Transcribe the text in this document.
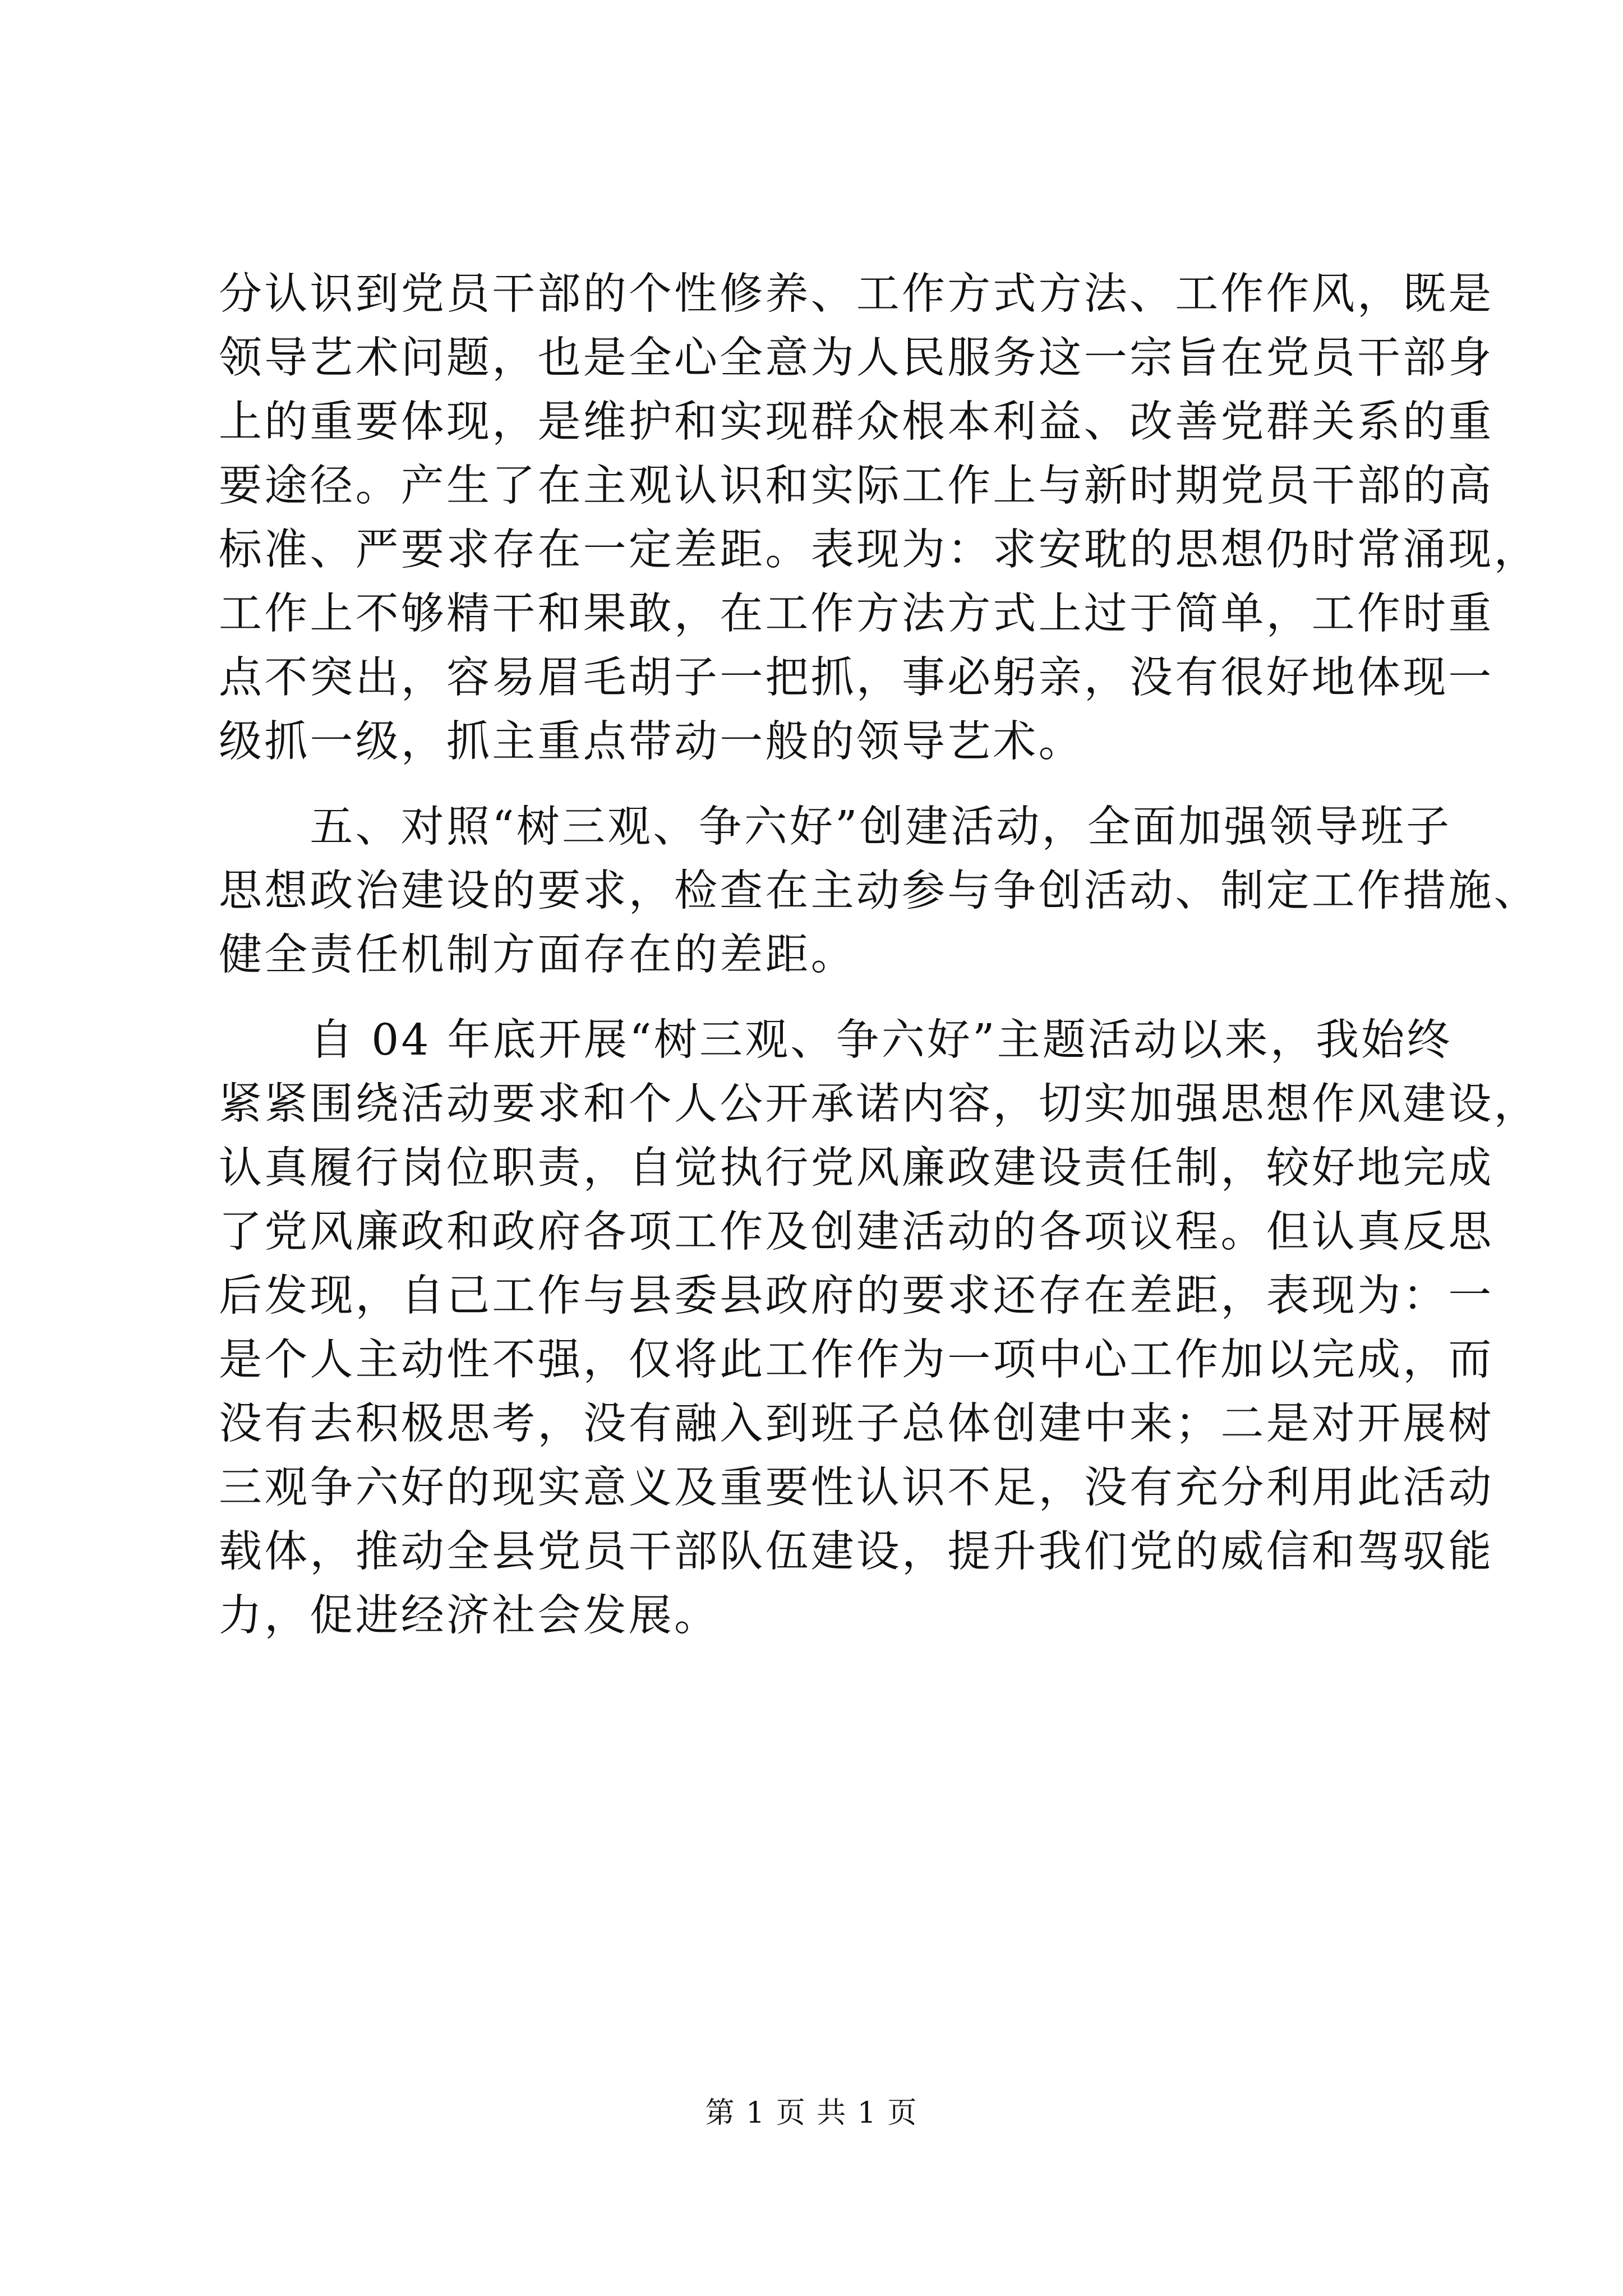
分认识到党员干部的个性修养、工作方式方法、工作作风，既是
领导艺术问题，也是全心全意为人民服务这一宗旨在党员干部身
上的重要体现，是维护和实现群众根本利益、改善党群关系的重
要途径。产生了在主观认识和实际工作上与新时期党员干部的高
标准、严要求存在一定差距。表现为：求安耽的思想仍时常涌现，
工作上不够精干和果敢，在工作方法方式上过于简单，工作时重
点不突出，容易眉毛胡子一把抓，事必躬亲，没有很好地体现一
级抓一级，抓主重点带动一般的领导艺术。
　　五、对照“树三观、争六好”创建活动，全面加强领导班子
思想政治建设的要求，检查在主动参与争创活动、制定工作措施、
健全责任机制方面存在的差距。
　　自 04 年底开展“树三观、争六好”主题活动以来，我始终
紧紧围绕活动要求和个人公开承诺内容，切实加强思想作风建设，
认真履行岗位职责，自觉执行党风廉政建设责任制，较好地完成
了党风廉政和政府各项工作及创建活动的各项议程。但认真反思
后发现，自己工作与县委县政府的要求还存在差距，表现为：一
是个人主动性不强，仅将此工作作为一项中心工作加以完成，而
没有去积极思考，没有融入到班子总体创建中来；二是对开展树
三观争六好的现实意义及重要性认识不足，没有充分利用此活动
载体，推动全县党员干部队伍建设，提升我们党的威信和驾驭能
力，促进经济社会发展。
第 1 页 共 1 页
